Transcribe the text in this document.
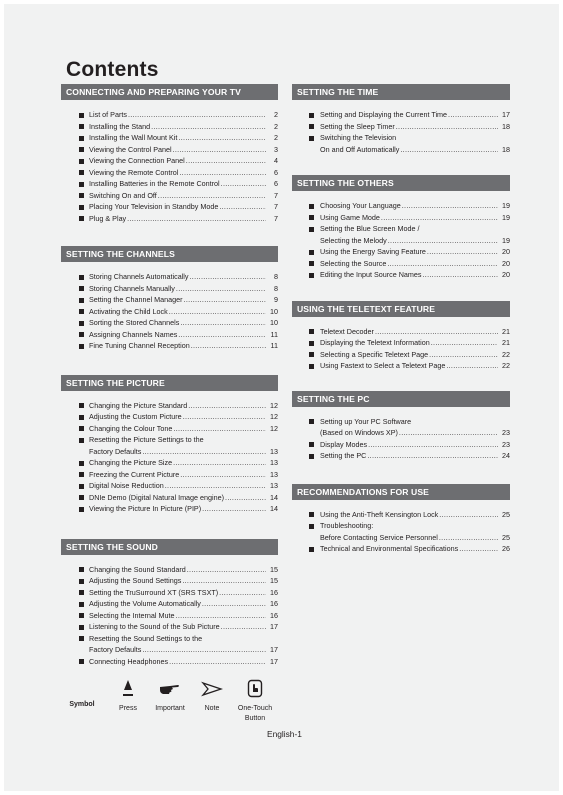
Contents
CONNECTING AND PREPARING YOUR TV
List of Parts .....	2
Installing the Stand .....	2
Installing the Wall Mount Kit .....	2
Viewing the Control Panel .....	3
Viewing the Connection Panel .....	4
Viewing the Remote Control .....	6
Installing Batteries in the Remote Control .....	6
Switching On and Off .....	7
Placing Your Television in Standby Mode .....	7
Plug & Play .....	7
SETTING THE CHANNELS
Storing Channels Automatically .....	8
Storing Channels Manually .....	8
Setting the Channel Manager .....	9
Activating the Child Lock .....	10
Sorting the Stored Channels .....	10
Assigning Channels Names .....	11
Fine Tuning Channel Reception .....	11
SETTING THE PICTURE
Changing the Picture Standard .....	12
Adjusting the Custom Picture .....	12
Changing the Colour Tone .....	12
Resetting the Picture Settings to the
Factory Defaults .....	13
Changing the Picture Size .....	13
Freezing the Current Picture .....	13
Digital Noise Reduction .....	13
DNIe Demo (Digital Natural Image engine) .....	14
Viewing the Picture In Picture (PIP) .....	14
SETTING THE SOUND
Changing the Sound Standard .....	15
Adjusting the Sound Settings .....	15
Setting the TruSurround XT (SRS TSXT) .....	16
Adjusting the Volume Automatically .....	16
Selecting the Internal Mute .....	16
Listening to the Sound of the Sub Picture .....	17
Resetting the Sound Settings to the
Factory Defaults .....	17
Connecting Headphones .....	17
SETTING THE TIME
Setting and Displaying the Current Time .....	17
Setting the Sleep Timer .....	18
Switching the Television
On and Off Automatically .....	18
SETTING THE OTHERS
Choosing Your Language .....	19
Using Game Mode .....	19
Setting the Blue Screen Mode /
Selecting the Melody .....	19
Using the Energy Saving Feature .....	20
Selecting the Source .....	20
Editing the Input Source Names .....	20
USING THE TELETEXT FEATURE
Teletext Decoder .....	21
Displaying the Teletext Information .....	21
Selecting a Specific Teletext Page .....	22
Using Fastext to Select a Teletext Page .....	22
SETTING THE PC
Setting up Your PC Software
(Based on Windows XP) .....	23
Display Modes .....	23
Setting the PC .....	24
RECOMMENDATIONS FOR USE
Using the Anti-Theft Kensington Lock .....	25
Troubleshooting:
Before Contacting Service Personnel .....	25
Technical and Environmental Specifications .....	26
Symbol
Press	Important	Note	One-Touch
Button
English-1
